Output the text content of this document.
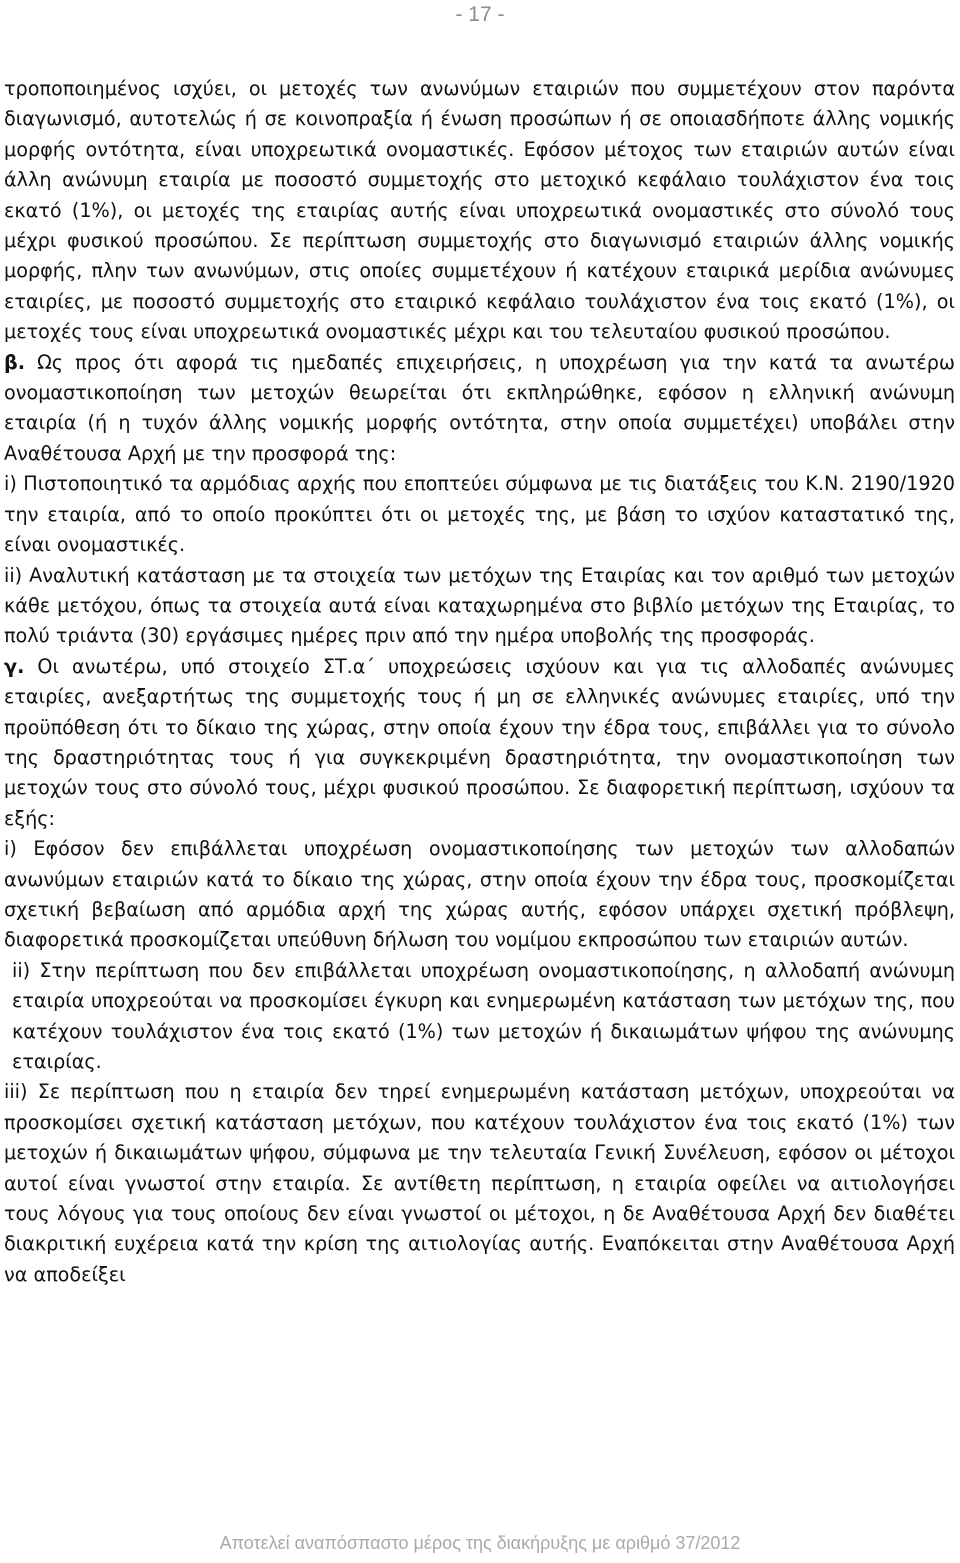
- 17 -

τροποποιημένος ισχύει, οι μετοχές των ανωνύμων εταιριών που συμμετέχουν στον παρόντα διαγωνισμό, αυτοτελώς ή σε κοινοπραξία ή ένωση προσώπων ή σε οποιασδήποτε άλλης νομικής μορφής οντότητα, είναι υποχρεωτικά ονομαστικές. Εφόσον μέτοχος των εταιριών αυτών είναι άλλη ανώνυμη εταιρία με ποσοστό συμμετοχής στο μετοχικό κεφάλαιο τουλάχιστον ένα τοις εκατό (1%), οι μετοχές της εταιρίας αυτής είναι υποχρεωτικά ονομαστικές στο σύνολό τους μέχρι φυσικού προσώπου. Σε περίπτωση συμμετοχής στο διαγωνισμό εταιριών άλλης νομικής μορφής, πλην των ανωνύμων, στις οποίες συμμετέχουν ή κατέχουν εταιρικά μερίδια ανώνυμες εταιρίες, με ποσοστό συμμετοχής στο εταιρικό κεφάλαιο τουλάχιστον ένα τοις εκατό (1%), οι μετοχές τους είναι υποχρεωτικά ονομαστικές μέχρι και του τελευταίου φυσικού προσώπου.

β. Ως προς ότι αφορά τις ημεδαπές επιχειρήσεις, η υποχρέωση για την κατά τα ανωτέρω ονομαστικοποίηση των μετοχών θεωρείται ότι εκπληρώθηκε, εφόσον η ελληνική ανώνυμη εταιρία (ή η τυχόν άλλης νομικής μορφής οντότητα, στην οποία συμμετέχει) υποβάλει στην Αναθέτουσα Αρχή με την προσφορά της:

i) Πιστοποιητικό τα αρμόδιας αρχής που εποπτεύει σύμφωνα με τις διατάξεις του Κ.Ν. 2190/1920 την εταιρία, από το οποίο προκύπτει ότι οι μετοχές της, με βάση το ισχύον καταστατικό της, είναι ονομαστικές.

ii) Αναλυτική κατάσταση με τα στοιχεία των μετόχων της Εταιρίας και τον αριθμό των μετοχών κάθε μετόχου, όπως τα στοιχεία αυτά είναι καταχωρημένα στο βιβλίο μετόχων της Εταιρίας, το πολύ τριάντα (30) εργάσιμες ημέρες πριν από την ημέρα υποβολής της προσφοράς.

γ. Οι ανωτέρω, υπό στοιχείο ΣΤ.α΄ υποχρεώσεις ισχύουν και για τις αλλοδαπές ανώνυμες εταιρίες, ανεξαρτήτως της συμμετοχής τους ή μη σε ελληνικές ανώνυμες εταιρίες, υπό την προϋπόθεση ότι το δίκαιο της χώρας, στην οποία έχουν την έδρα τους, επιβάλλει για το σύνολο της δραστηριότητας τους ή για συγκεκριμένη δραστηριότητα, την ονομαστικοποίηση των μετοχών τους στο σύνολό τους, μέχρι φυσικού προσώπου. Σε διαφορετική περίπτωση, ισχύουν τα εξής:

i) Εφόσον δεν επιβάλλεται υποχρέωση ονομαστικοποίησης των μετοχών των αλλοδαπών ανωνύμων εταιριών κατά το δίκαιο της χώρας, στην οποία έχουν την έδρα τους, προσκομίζεται σχετική βεβαίωση από αρμόδια αρχή της χώρας αυτής, εφόσον υπάρχει σχετική πρόβλεψη, διαφορετικά προσκομίζεται υπεύθυνη δήλωση του νομίμου εκπροσώπου των εταιριών αυτών.

ii) Στην περίπτωση που δεν επιβάλλεται υποχρέωση ονομαστικοποίησης, η αλλοδαπή ανώνυμη εταιρία υποχρεούται να προσκομίσει έγκυρη και ενημερωμένη κατάσταση των μετόχων της, που κατέχουν τουλάχιστον ένα τοις εκατό (1%) των μετοχών ή δικαιωμάτων ψήφου της ανώνυμης εταιρίας.

iii) Σε περίπτωση που η εταιρία δεν τηρεί ενημερωμένη κατάσταση μετόχων, υποχρεούται να προσκομίσει σχετική κατάσταση μετόχων, που κατέχουν τουλάχιστον ένα τοις εκατό (1%) των μετοχών ή δικαιωμάτων ψήφου, σύμφωνα με την τελευταία Γενική Συνέλευση, εφόσον οι μέτοχοι αυτοί είναι γνωστοί στην εταιρία. Σε αντίθετη περίπτωση, η εταιρία οφείλει να αιτιολογήσει τους λόγους για τους οποίους δεν είναι γνωστοί οι μέτοχοι, η δε Αναθέτουσα Αρχή δεν διαθέτει διακριτική ευχέρεια κατά την κρίση της αιτιολογίας αυτής. Εναπόκειται στην Αναθέτουσα Αρχή να αποδείξει

Αποτελεί αναπόσπαστο μέρος της διακήρυξης με αριθμό 37/2012
